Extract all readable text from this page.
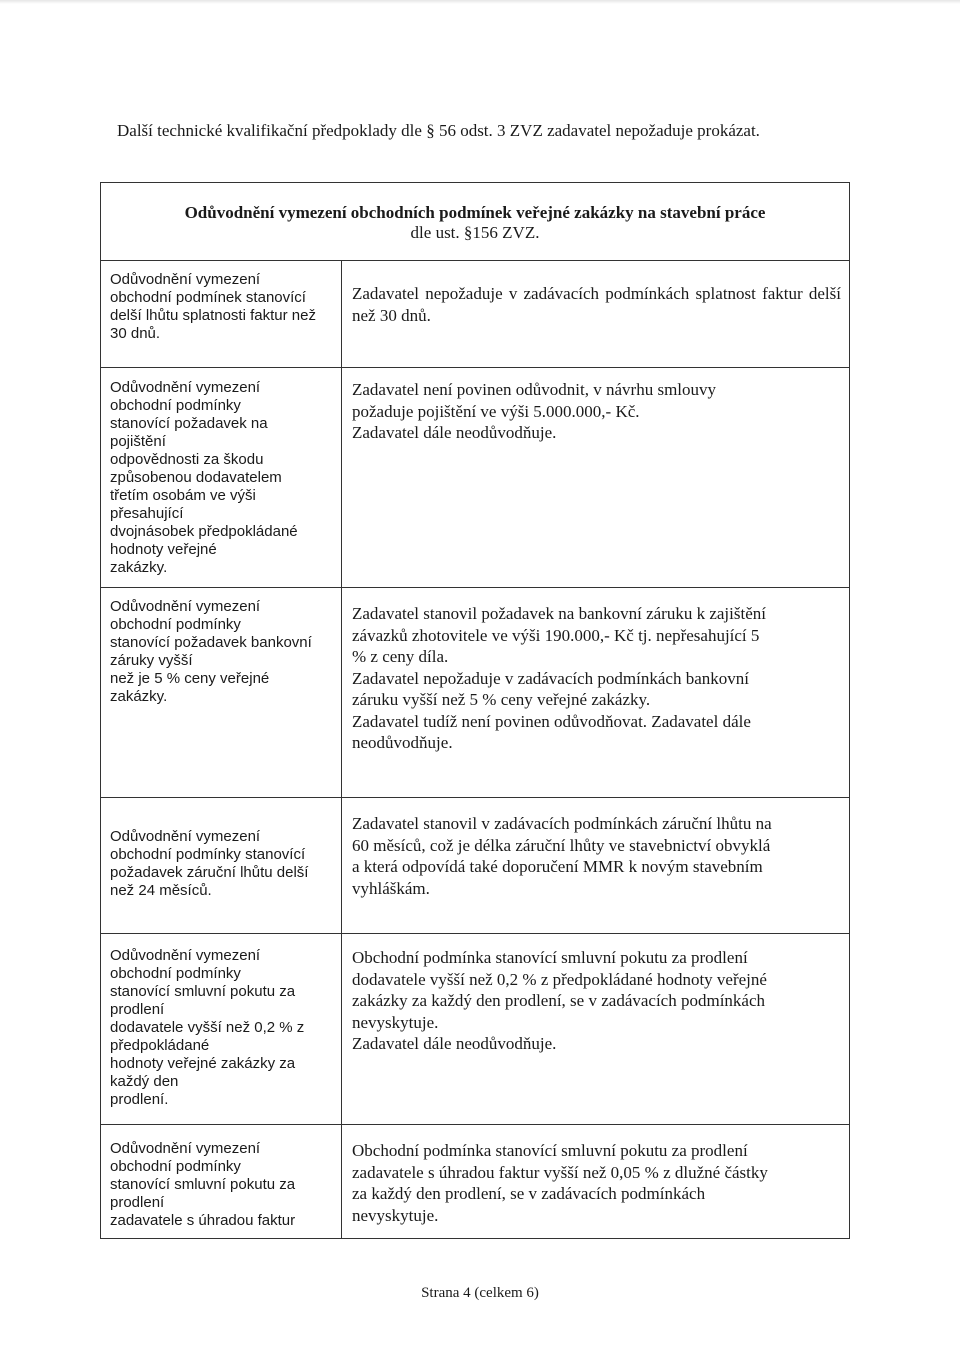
Další technické kvalifikační předpoklady dle § 56 odst. 3 ZVZ zadavatel nepožaduje prokázat.

Odůvodnění vymezení obchodních podmínek veřejné zakázky na stavební práce
dle ust. §156 ZVZ.

Odůvodnění vymezení
obchodní podmínek stanovící
delší lhůtu splatnosti faktur než
30 dnů.

Zadavatel nepožaduje v zadávacích podmínkách splatnost faktur delší než 30 dnů.

Odůvodnění vymezení
obchodní podmínky
stanovící požadavek na
pojištění
odpovědnosti za škodu
způsobenou dodavatelem
třetím osobám ve výši
přesahující
dvojnásobek předpokládané
hodnoty veřejné
zakázky.

Zadavatel není povinen odůvodnit, v návrhu smlouvy
požaduje pojištění ve výši 5.000.000,- Kč.
Zadavatel dále neodůvodňuje.

Odůvodnění vymezení
obchodní podmínky
stanovící požadavek bankovní
záruky vyšší
než je 5 % ceny veřejné
zakázky.

Zadavatel stanovil požadavek na bankovní záruku k zajištění
závazků zhotovitele ve výši 190.000,- Kč tj. nepřesahující 5
% z ceny díla.
Zadavatel nepožaduje v zadávacích podmínkách bankovní
záruku vyšší než 5 % ceny veřejné zakázky.
Zadavatel tudíž není povinen odůvodňovat. Zadavatel dále
neodůvodňuje.

Odůvodnění vymezení
obchodní podmínky stanovící
požadavek záruční lhůtu delší
než 24 měsíců.

Zadavatel stanovil v zadávacích podmínkách záruční lhůtu na
60 měsíců, což je délka záruční lhůty ve stavebnictví obvyklá
a která odpovídá také doporučení MMR k novým stavebním
vyhláškám.

Odůvodnění vymezení
obchodní podmínky
stanovící smluvní pokutu za
prodlení
dodavatele vyšší než 0,2 % z
předpokládané
hodnoty veřejné zakázky za
každý den
prodlení.

Obchodní podmínka stanovící smluvní pokutu za prodlení
dodavatele vyšší než 0,2 % z předpokládané hodnoty veřejné
zakázky za každý den prodlení, se v zadávacích podmínkách
nevyskytuje.
Zadavatel dále neodůvodňuje.

Odůvodnění vymezení
obchodní podmínky
stanovící smluvní pokutu za
prodlení
zadavatele s úhradou faktur

Obchodní podmínka stanovící smluvní pokutu za prodlení
zadavatele s úhradou faktur vyšší než 0,05 % z dlužné částky
za každý den prodlení, se v zadávacích podmínkách
nevyskytuje.

Strana 4 (celkem 6)
